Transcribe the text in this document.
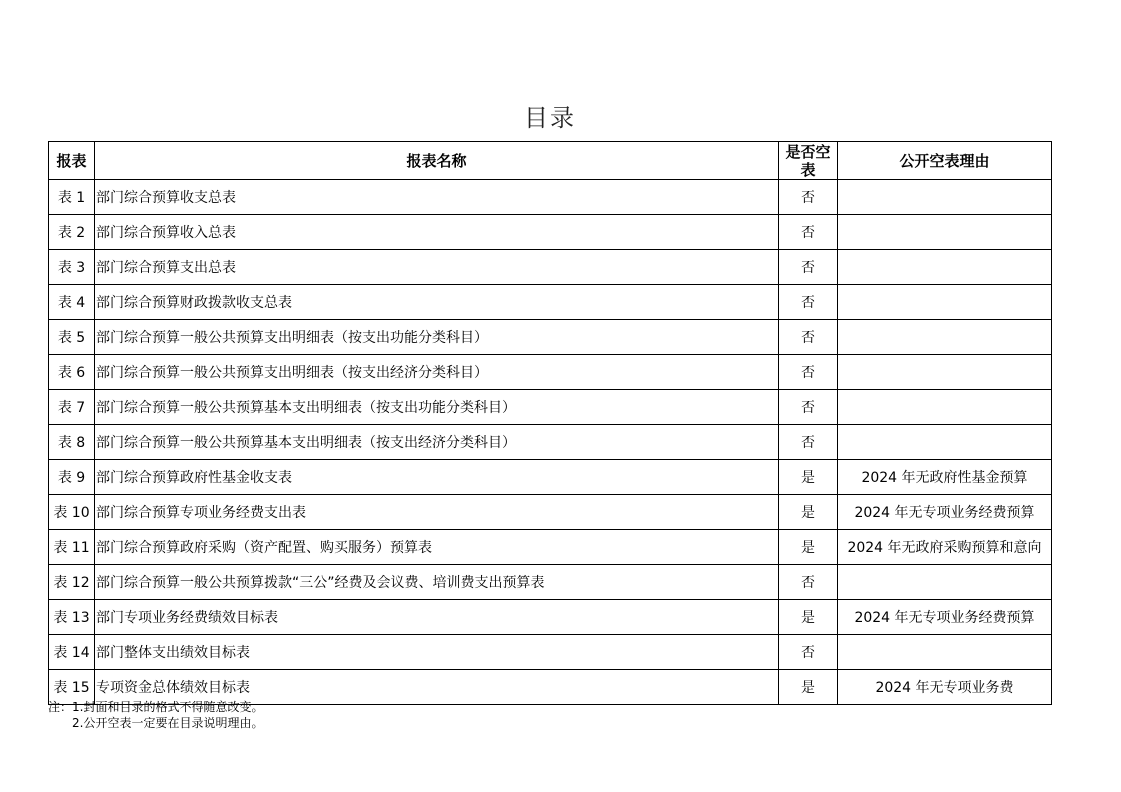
目录
报表	报表名称	是否空表	公开空表理由
表 1	部门综合预算收支总表	否	
表 2	部门综合预算收入总表	否	
表 3	部门综合预算支出总表	否	
表 4	部门综合预算财政拨款收支总表	否	
表 5	部门综合预算一般公共预算支出明细表（按支出功能分类科目）	否	
表 6	部门综合预算一般公共预算支出明细表（按支出经济分类科目）	否	
表 7	部门综合预算一般公共预算基本支出明细表（按支出功能分类科目）	否	
表 8	部门综合预算一般公共预算基本支出明细表（按支出经济分类科目）	否	
表 9	部门综合预算政府性基金收支表	是	2024 年无政府性基金预算
表 10	部门综合预算专项业务经费支出表	是	2024 年无专项业务经费预算
表 11	部门综合预算政府采购（资产配置、购买服务）预算表	是	2024 年无政府采购预算和意向
表 12	部门综合预算一般公共预算拨款“三公”经费及会议费、培训费支出预算表	否	
表 13	部门专项业务经费绩效目标表	是	2024 年无专项业务经费预算
表 14	部门整体支出绩效目标表	否	
表 15	专项资金总体绩效目标表	是	2024 年无专项业务费
注：1.封面和目录的格式不得随意改变。
2.公开空表一定要在目录说明理由。
